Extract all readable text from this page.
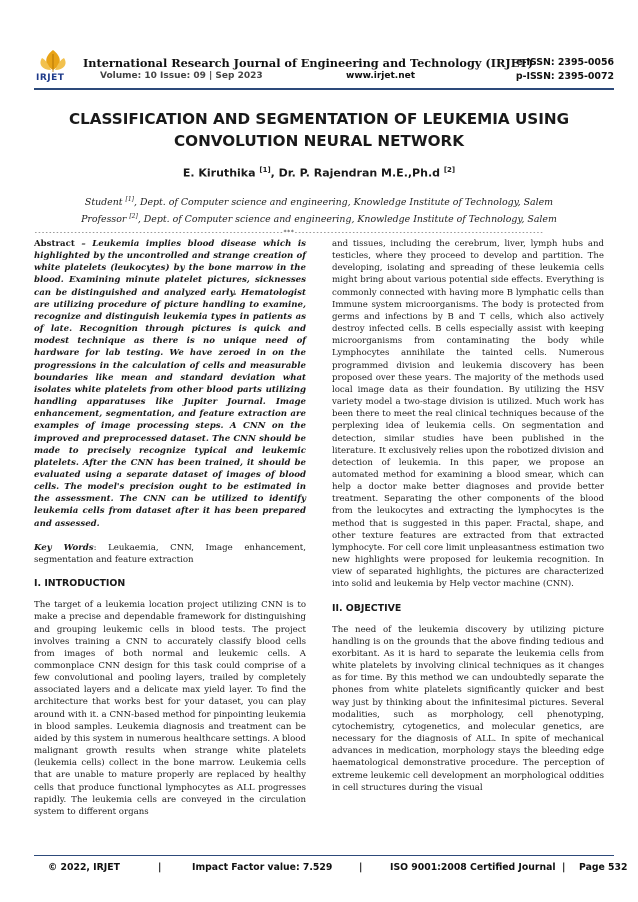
IRJET
International Research Journal of Engineering and Technology (IRJET)
e-ISSN: 2395-0056
Volume: 10 Issue: 09 | Sep 2023	www.irjet.net	p-ISSN: 2395-0072
CLASSIFICATION AND SEGMENTATION OF LEUKEMIA USING
CONVOLUTION NEURAL NETWORK
E. Kiruthika [1], Dr. P. Rajendran M.E.,Ph.d [2]
Student [1], Dept. of Computer science and engineering, Knowledge Institute of Technology, Salem
Professor [2], Dept. of Computer science and engineering, Knowledge Institute of Technology, Salem
---------------------------------------------------------------------***---------------------------------------------------------------------

Abstract – Leukemia implies blood disease which is highlighted by the uncontrolled and strange creation of white platelets (leukocytes) by the bone marrow in the blood. Examining minute platelet pictures, sicknesses can be distinguished and analyzed early. Hematologist are utilizing procedure of picture handling to examine, recognize and distinguish leukemia types in patients as of late. Recognition through pictures is quick and modest technique as there is no unique need of hardware for lab testing. We have zeroed in on the progressions in the calculation of cells and measurable boundaries like mean and standard deviation what isolates white platelets from other blood parts utilizing handling apparatuses like Jupiter Journal. Image enhancement, segmentation, and feature extraction are examples of image processing steps. A CNN on the improved and preprocessed dataset. The CNN should be made to precisely recognize typical and leukemic platelets. After the CNN has been trained, it should be evaluated using a separate dataset of images of blood cells. The model's precision ought to be estimated in the assessment. The CNN can be utilized to identify leukemia cells from dataset after it has been prepared and assessed.

Key Words: Leukaemia, CNN, Image enhancement, segmentation and feature extraction

I. INTRODUCTION

The target of a leukemia location project utilizing CNN is to make a precise and dependable framework for distinguishing and grouping leukemic cells in blood tests. The project involves training a CNN to accurately classify blood cells from images of both normal and leukemic cells. A commonplace CNN design for this task could comprise of a few convolutional and pooling layers, trailed by completely associated layers and a delicate max yield layer. To find the architecture that works best for your dataset, you can play around with it. a CNN-based method for pinpointing leukemia in blood samples. Leukemia diagnosis and treatment can be aided by this system in numerous healthcare settings. A blood malignant growth results when strange white platelets (leukemia cells) collect in the bone marrow. Leukemia cells that are unable to mature properly are replaced by healthy cells that produce functional lymphocytes as ALL progresses rapidly. The leukemia cells are conveyed in the circulation system to different organs

and tissues, including the cerebrum, liver, lymph hubs and testicles, where they proceed to develop and partition. The developing, isolating and spreading of these leukemia cells might bring about various potential side effects. Everything is commonly connected with having more B lymphatic cells than Immune system microorganisms. The body is protected from germs and infections by B and T cells, which also actively destroy infected cells. B cells especially assist with keeping microorganisms from contaminating the body while Lymphocytes annihilate the tainted cells. Numerous programmed division and leukemia discovery has been proposed over these years. The majority of the methods used local image data as their foundation. By utilizing the HSV variety model a two-stage division is utilized. Much work has been there to meet the real clinical techniques because of the perplexing idea of leukemia cells. On segmentation and detection, similar studies have been published in the literature. It exclusively relies upon the robotized division and detection of leukemia. In this paper, we propose an automated method for examining a blood smear, which can help a doctor make better diagnoses and provide better treatment. Separating the other components of the blood from the leukocytes and extracting the lymphocytes is the method that is suggested in this paper. Fractal, shape, and other texture features are extracted from that extracted lymphocyte. For cell core limit unpleasantness estimation two new highlights were proposed for leukemia recognition. In view of separated highlights, the pictures are characterized into solid and leukemia by Help vector machine (CNN).

II. OBJECTIVE

The need of the leukemia discovery by utilizing picture handling is on the grounds that the above finding tedious and exorbitant. As it is hard to separate the leukemia cells from white platelets by involving clinical techniques as it changes as for time. By this method we can undoubtedly separate the phones from white platelets significantly quicker and best way just by thinking about the infinitesimal pictures. Several modalities, such as morphology, cell phenotyping, cytochemistry, cytogenetics, and molecular genetics, are necessary for the diagnosis of ALL. In spite of mechanical advances in medication, morphology stays the bleeding edge haematological demonstrative procedure. The perception of extreme leukemic cell development an morphological oddities in cell structures during the visual

© 2022, IRJET	|	Impact Factor value: 7.529	|	ISO 9001:2008 Certified Journal | Page 532
